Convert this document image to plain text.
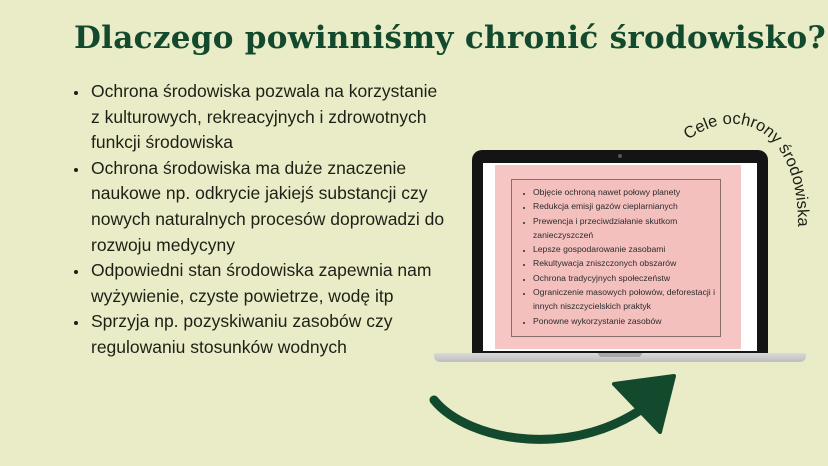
Dlaczego powinniśmy chronić środowisko?
• Ochrona środowiska pozwala na korzystanie z kulturowych, rekreacyjnych i zdrowotnych funkcji środowiska
• Ochrona środowiska ma duże znaczenie naukowe np. odkrycie jakiejś substancji czy nowych naturalnych procesów doprowadzi do rozwoju medycyny
• Odpowiedni stan środowiska zapewnia nam wyżywienie, czyste powietrze, wodę itp
• Sprzyja np. pozyskiwaniu zasobów czy regulowaniu stosunków wodnych
Cele ochrony środowiska
• Objęcie ochroną nawet połowy planety
• Redukcja emisji gazów cieplarnianych
• Prewencja i przeciwdziałanie skutkom zanieczyszczeń
• Lepsze gospodarowanie zasobami
• Rekultywacja zniszczonych obszarów
• Ochrona tradycyjnych społeczeństw
• Ograniczenie masowych połowów, deforestacji i innych niszczycielskich praktyk
• Ponowne wykorzystanie zasobów
